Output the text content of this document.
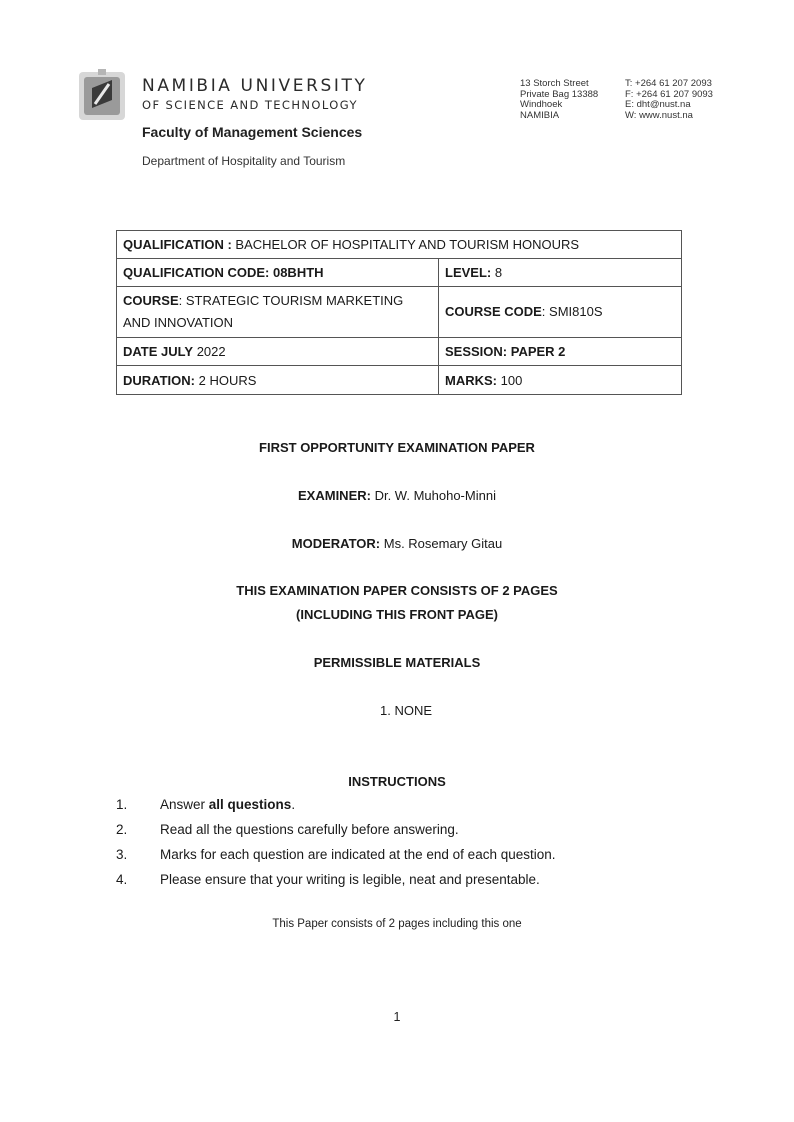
NAMIBIA UNIVERSITY
OF SCIENCE AND TECHNOLOGY
Faculty of Management Sciences
Department of Hospitality and Tourism
13 Storch Street
Private Bag 13388
Windhoek
NAMIBIA
T: +264 61 207 2093
F: +264 61 207 9093
E: dht@nust.na
W: www.nust.na
QUALIFICATION : BACHELOR OF HOSPITALITY AND TOURISM HONOURS	
QUALIFICATION CODE: 08BHTH	LEVEL: 8
COURSE: STRATEGIC TOURISM MARKETING AND INNOVATION	COURSE CODE: SMI810S
DATE JULY 2022	SESSION: PAPER 2
DURATION: 2 HOURS	MARKS: 100
FIRST OPPORTUNITY EXAMINATION PAPER
EXAMINER: Dr. W. Muhoho-Minni
MODERATOR: Ms. Rosemary Gitau
THIS EXAMINATION PAPER CONSISTS OF 2 PAGES
(INCLUDING THIS FRONT PAGE)
PERMISSIBLE MATERIALS
1. NONE
INSTRUCTIONS
1. Answer all questions.
2. Read all the questions carefully before answering.
3. Marks for each question are indicated at the end of each question.
4. Please ensure that your writing is legible, neat and presentable.
This Paper consists of 2 pages including this one
1
